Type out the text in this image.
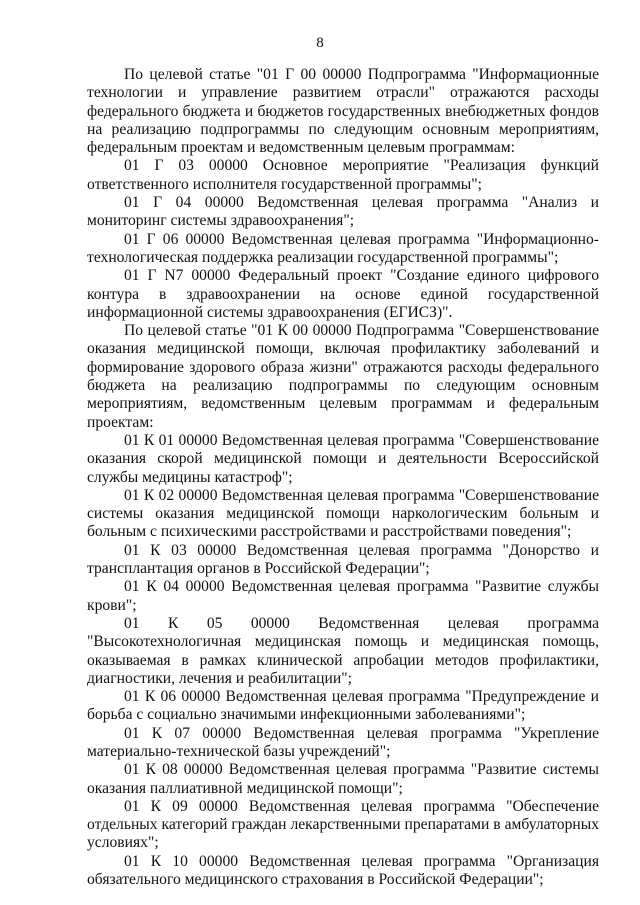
8

По целевой статье "01 Г 00 00000 Подпрограмма "Информационные технологии и управление развитием отрасли" отражаются расходы федерального бюджета и бюджетов государственных внебюджетных фондов на реализацию подпрограммы по следующим основным мероприятиям, федеральным проектам и ведомственным целевым программам:

01 Г 03 00000 Основное мероприятие "Реализация функций ответственного исполнителя государственной программы";

01 Г 04 00000 Ведомственная целевая программа "Анализ и мониторинг системы здравоохранения";

01 Г 06 00000 Ведомственная целевая программа "Информационно-технологическая поддержка реализации государственной программы";

01 Г N7 00000 Федеральный проект "Создание единого цифрового контура в здравоохранении на основе единой государственной информационной системы здравоохранения (ЕГИСЗ)".

По целевой статье "01 К 00 00000 Подпрограмма "Совершенствование оказания медицинской помощи, включая профилактику заболеваний и формирование здорового образа жизни" отражаются расходы федерального бюджета на реализацию подпрограммы по следующим основным мероприятиям, ведомственным целевым программам и федеральным проектам:

01 К 01 00000 Ведомственная целевая программа "Совершенствование оказания скорой медицинской помощи и деятельности Всероссийской службы медицины катастроф";

01 К 02 00000 Ведомственная целевая программа "Совершенствование системы оказания медицинской помощи наркологическим больным и больным с психическими расстройствами и расстройствами поведения";

01 К 03 00000 Ведомственная целевая программа "Донорство и трансплантация органов в Российской Федерации";

01 К 04 00000 Ведомственная целевая программа "Развитие службы крови";

01 К 05 00000 Ведомственная целевая программа "Высокотехнологичная медицинская помощь и медицинская помощь, оказываемая в рамках клинической апробации методов профилактики, диагностики, лечения и реабилитации";

01 К 06 00000 Ведомственная целевая программа "Предупреждение и борьба с социально значимыми инфекционными заболеваниями";

01 К 07 00000 Ведомственная целевая программа "Укрепление материально-технической базы учреждений";

01 К 08 00000 Ведомственная целевая программа "Развитие системы оказания паллиативной медицинской помощи";

01 К 09 00000 Ведомственная целевая программа "Обеспечение отдельных категорий граждан лекарственными препаратами в амбулаторных условиях";

01 К 10 00000 Ведомственная целевая программа "Организация обязательного медицинского страхования в Российской Федерации";
